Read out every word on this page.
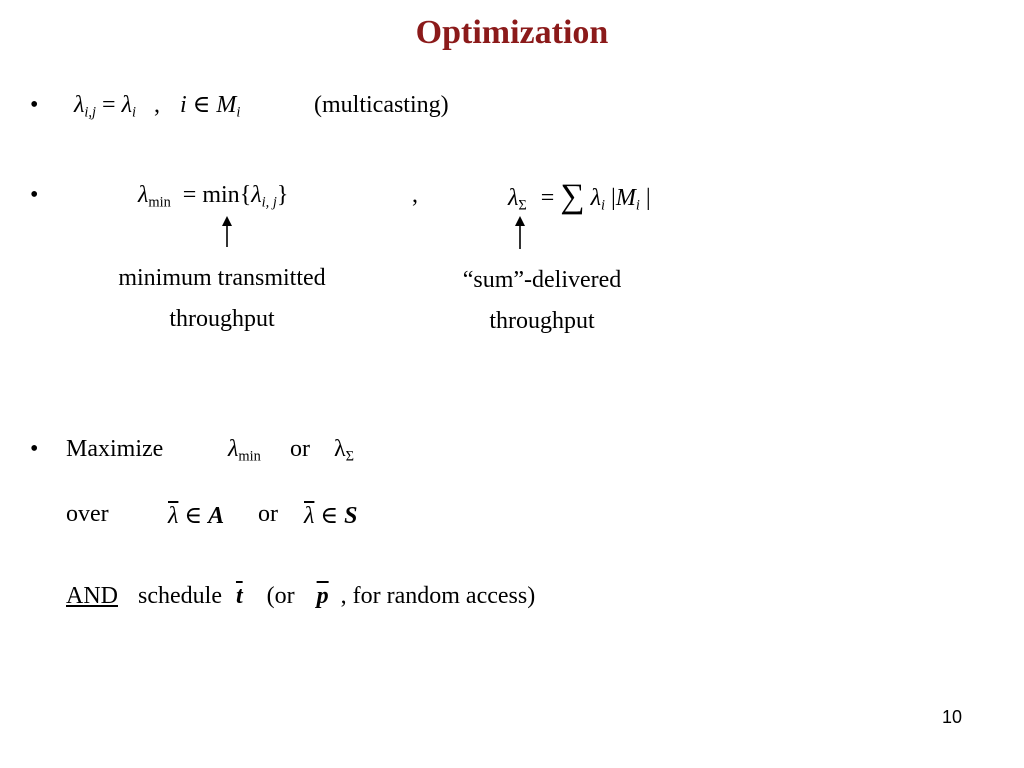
Optimization
• $\lambda_{i,j} = \lambda_i$ , i ∈ $M_i$	(multicasting)
•	$\lambda_{min} = \min\{\lambda_{i, j}\}$	,	$\lambda_\Sigma$ = ∑ $\lambda_i$ $|M_i$ |
minimum transmitted
throughput
“sum”-delivered
throughput
• Maximize	$\lambda_{min}$ or $\lambda_\Sigma$
over $\overline{\lambda}$ ∈ A or $\overline{\lambda}$ ∈ S
AND schedule $\overline{t}$ (or $\overline{p}$ , for random access)
10
